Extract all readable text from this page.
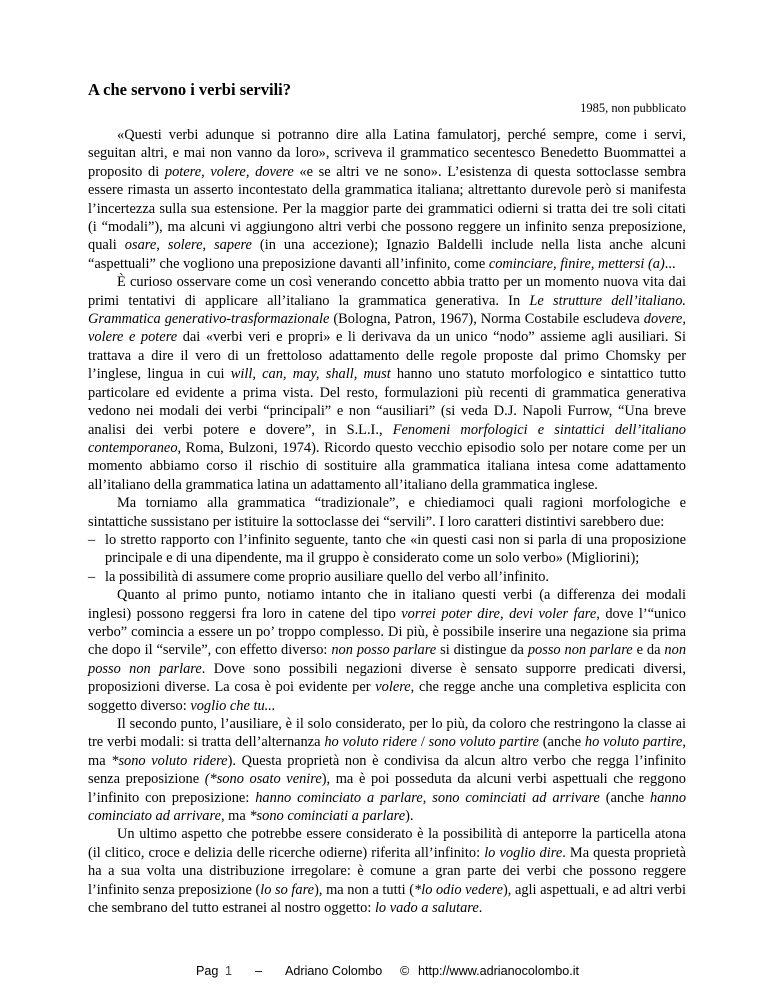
A che servono i verbi servili?
1985, non pubblicato

«Questi verbi adunque si potranno dire alla Latina famulatorj, perché sempre, come i servi, seguitan altri, e mai non vanno da loro», scriveva il grammatico secentesco Benedetto Buommattei a proposito di potere, volere, dovere «e se altri ve ne sono». L’esistenza di questa sottoclasse sembra essere rimasta un asserto incontestato della grammatica italiana; altrettanto durevole però si manifesta l’incertezza sulla sua estensione. Per la maggior parte dei grammatici odierni si tratta dei tre soli citati (i “modali”), ma alcuni vi aggiungono altri verbi che possono reggere un infinito senza preposizione, quali osare, solere, sapere (in una accezione); Ignazio Baldelli include nella lista anche alcuni “aspettuali” che vogliono una preposizione davanti all’infinito, come cominciare, finire, mettersi (a)...

È curioso osservare come un così venerando concetto abbia tratto per un momento nuova vita dai primi tentativi di applicare all’italiano la grammatica generativa. In Le strutture dell’italiano. Grammatica generativo-trasformazionale (Bologna, Patron, 1967), Norma Costabile escludeva dovere, volere e potere dai «verbi veri e propri» e li derivava da un unico “nodo” assieme agli ausiliari. Si trattava a dire il vero di un frettoloso adattamento delle regole proposte dal primo Chomsky per l’inglese, lingua in cui will, can, may, shall, must hanno uno statuto morfologico e sintattico tutto particolare ed evidente a prima vista. Del resto, formulazioni più recenti di grammatica generativa vedono nei modali dei verbi “principali” e non “ausiliari” (si veda D.J. Napoli Furrow, “Una breve analisi dei verbi potere e dovere”, in S.L.I., Fenomeni morfologici e sintattici dell’italiano contemporaneo, Roma, Bulzoni, 1974). Ricordo questo vecchio episodio solo per notare come per un momento abbiamo corso il rischio di sostituire alla grammatica italiana intesa come adattamento all’italiano della grammatica latina un adattamento all’italiano della grammatica inglese.

Ma torniamo alla grammatica “tradizionale”, e chiediamoci quali ragioni morfologiche e sintattiche sussistano per istituire la sottoclasse dei “servili”. I loro caratteri distintivi sarebbero due:

– lo stretto rapporto con l’infinito seguente, tanto che «in questi casi non si parla di una proposizione principale e di una dipendente, ma il gruppo è considerato come un solo verbo» (Migliorini);
– la possibilità di assumere come proprio ausiliare quello del verbo all’infinito.

Quanto al primo punto, notiamo intanto che in italiano questi verbi (a differenza dei modali inglesi) possono reggersi fra loro in catene del tipo vorrei poter dire, devi voler fare, dove l’“unico verbo” comincia a essere un po’ troppo complesso. Di più, è possibile inserire una negazione sia prima che dopo il “servile”, con effetto diverso: non posso parlare si distingue da posso non parlare e da non posso non parlare. Dove sono possibili negazioni diverse è sensato supporre predicati diversi, proposizioni diverse. La cosa è poi evidente per volere, che regge anche una completiva esplicita con soggetto diverso: voglio che tu...

Il secondo punto, l’ausiliare, è il solo considerato, per lo più, da coloro che restringono la classe ai tre verbi modali: si tratta dell’alternanza ho voluto ridere / sono voluto partire (anche ho voluto partire, ma *sono voluto ridere). Questa proprietà non è condivisa da alcun altro verbo che regga l’infinito senza preposizione (*sono osato venire), ma è poi posseduta da alcuni verbi aspettuali che reggono l’infinito con preposizione: hanno cominciato a parlare, sono cominciati ad arrivare (anche hanno cominciato ad arrivare, ma *sono cominciati a parlare).

Un ultimo aspetto che potrebbe essere considerato è la possibilità di anteporre la particella atona (il clitico, croce e delizia delle ricerche odierne) riferita all’infinito: lo voglio dire. Ma questa proprietà ha a sua volta una distribuzione irregolare: è comune a gran parte dei verbi che possono reggere l’infinito senza preposizione (lo so fare), ma non a tutti (*lo odio vedere), agli aspettuali, e ad altri verbi che sembrano del tutto estranei al nostro oggetto: lo vado a salutare.

Pag 1 – Adriano Colombo © http://www.adrianocolombo.it
